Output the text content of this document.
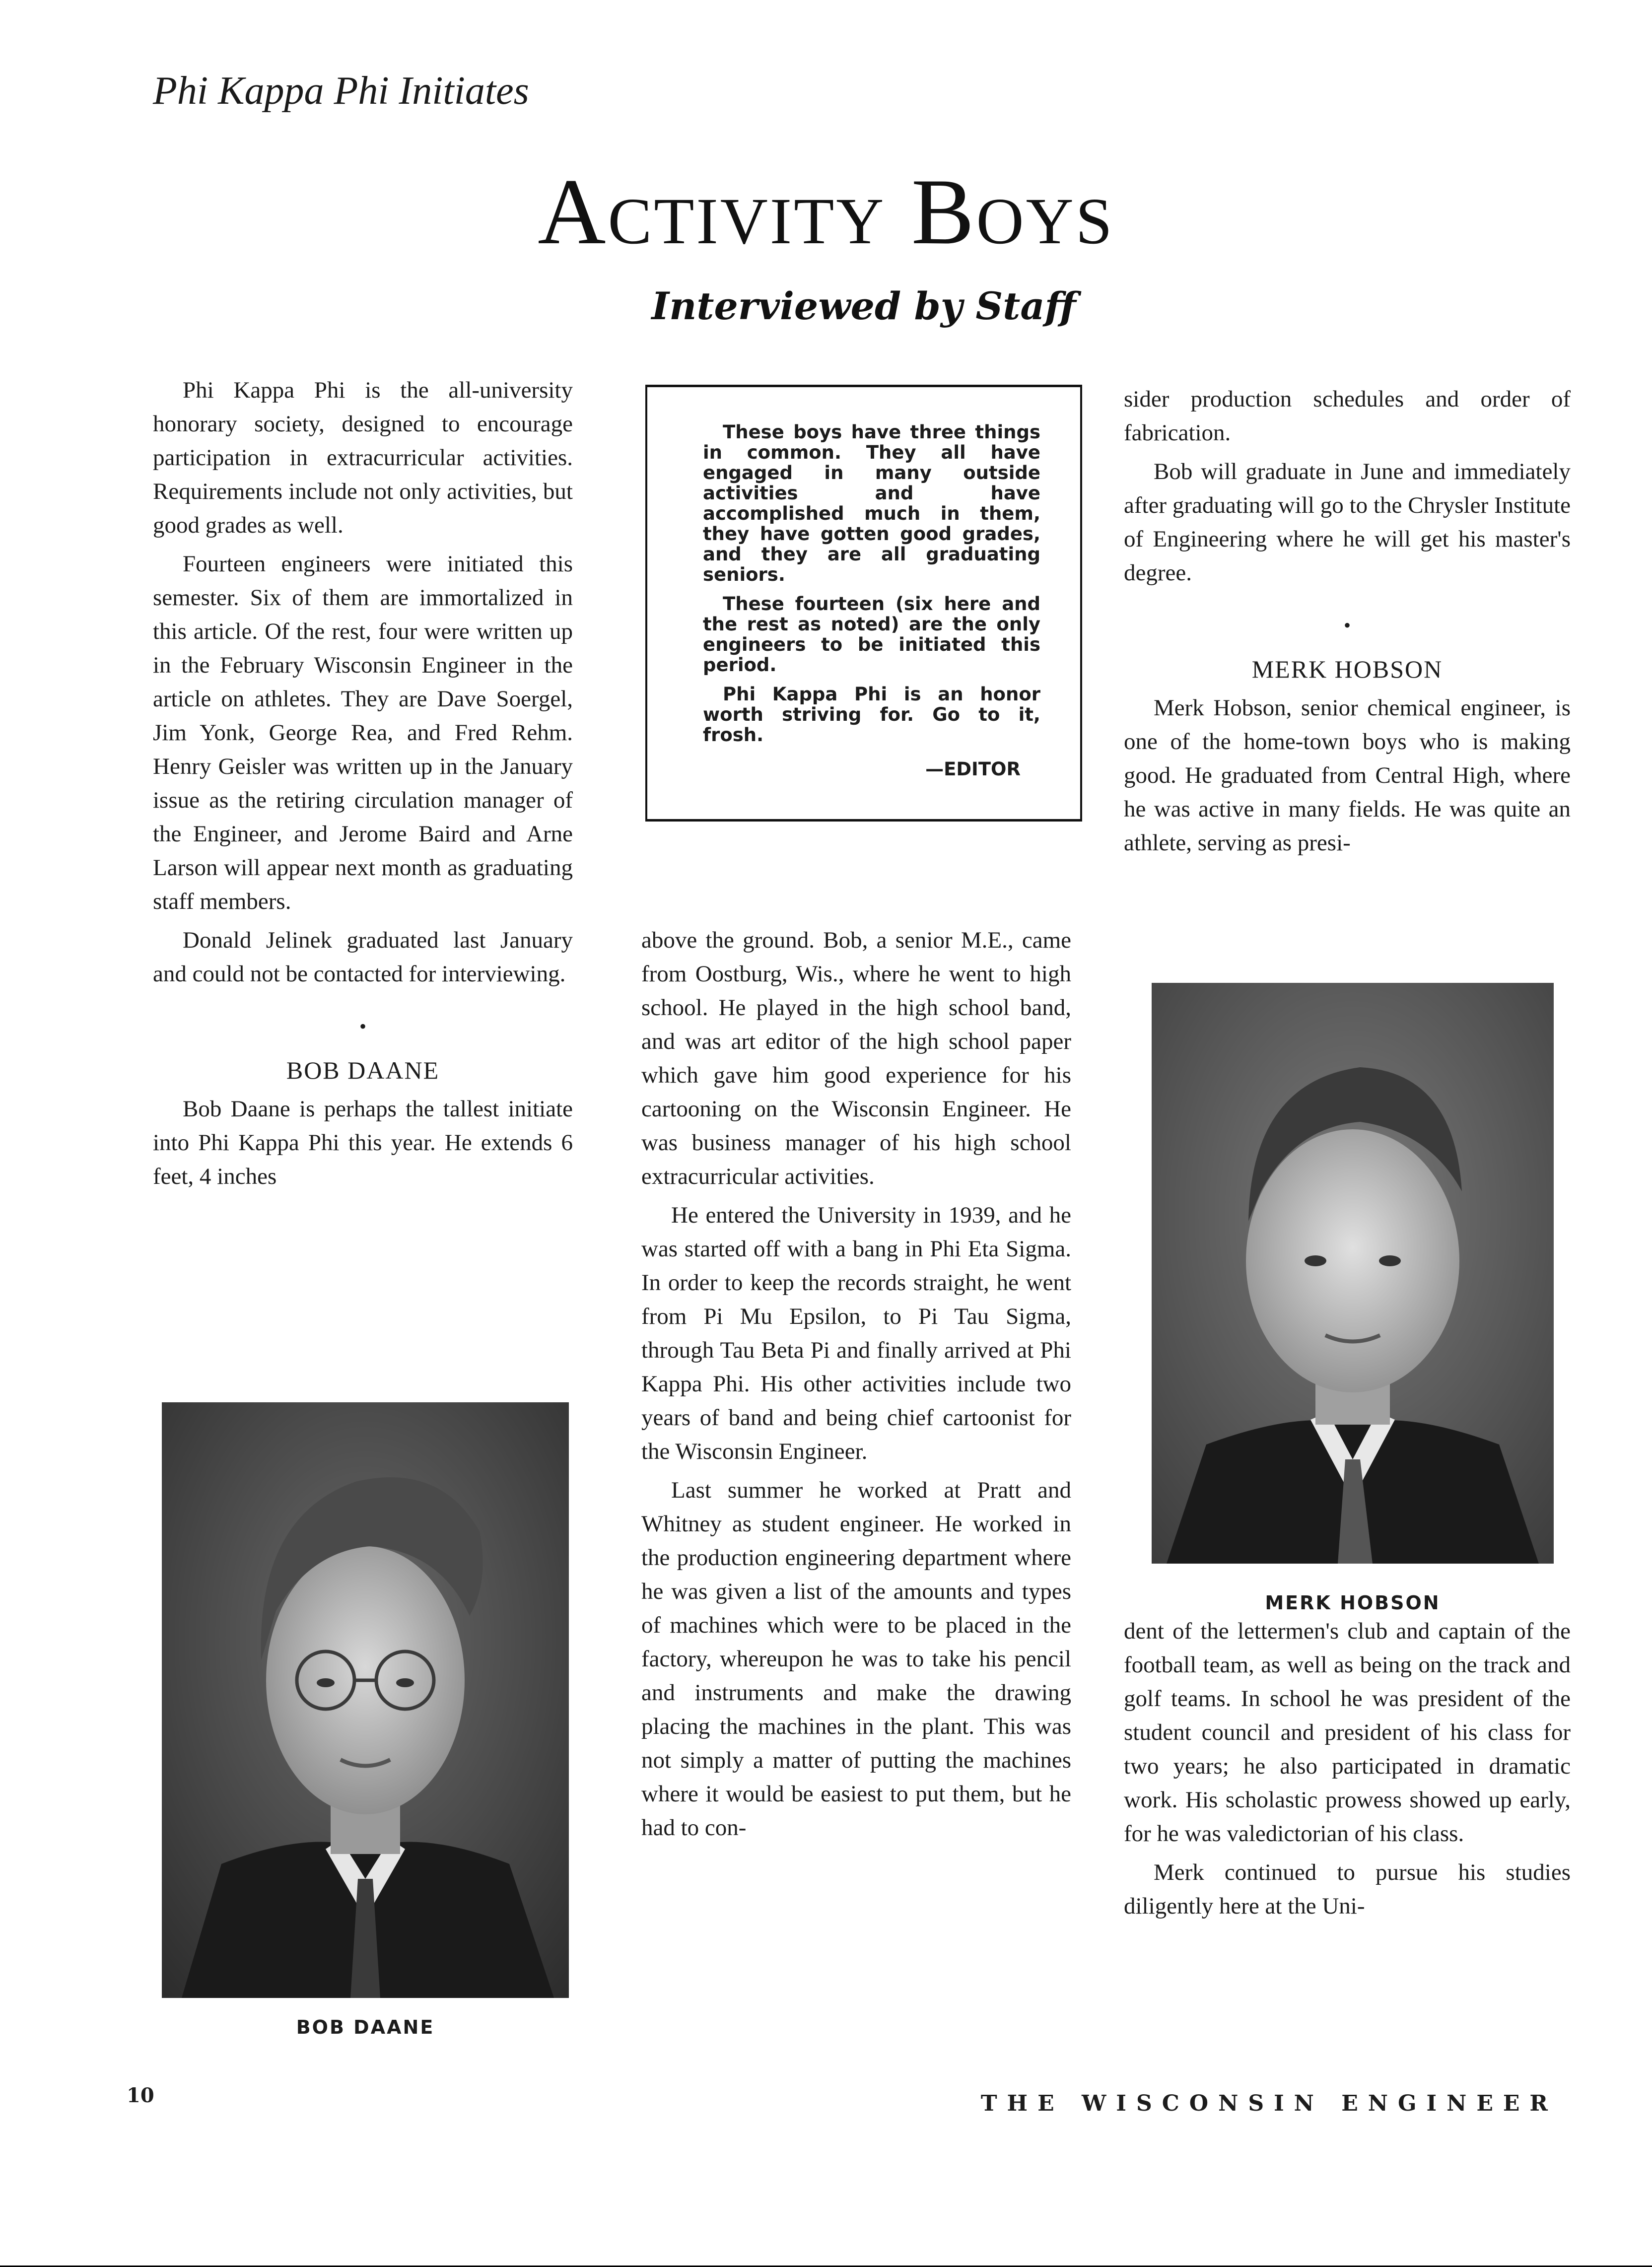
Phi Kappa Phi Initiates
Activity Boys
Interviewed by Staff

Phi Kappa Phi is the all-university honorary society, designed to encourage participation in extracurricular activities. Requirements include not only activities, but good grades as well.

Fourteen engineers were initiated this semester. Six of them are immortalized in this article. Of the rest, four were written up in the February Wisconsin Engineer in the article on athletes. They are Dave Soergel, Jim Yonk, George Rea, and Fred Rehm. Henry Geisler was written up in the January issue as the retiring circulation manager of the Engineer, and Jerome Baird and Arne Larson will appear next month as graduating staff members.

Donald Jelinek graduated last January and could not be contacted for interviewing.

•
BOB DAANE

Bob Daane is perhaps the tallest initiate into Phi Kappa Phi this year. He extends 6 feet, 4 inches

These boys have three things in common. They all have engaged in many outside activities and have accomplished much in them, they have gotten good grades, and they are all graduating seniors.

These fourteen (six here and the rest as noted) are the only engineers to be initiated this period.

Phi Kappa Phi is an honor worth striving for. Go to it, frosh.

—EDITOR

above the ground. Bob, a senior M.E., came from Oostburg, Wis., where he went to high school. He played in the high school band, and was art editor of the high school paper which gave him good experience for his cartooning on the Wisconsin Engineer. He was business manager of his high school extracurricular activities.

He entered the University in 1939, and he was started off with a bang in Phi Eta Sigma. In order to keep the records straight, he went from Pi Mu Epsilon, to Pi Tau Sigma, through Tau Beta Pi and finally arrived at Phi Kappa Phi. His other activities include two years of band and being chief cartoonist for the Wisconsin Engineer.

Last summer he worked at Pratt and Whitney as student engineer. He worked in the production engineering department where he was given a list of the amounts and types of machines which were to be placed in the factory, whereupon he was to take his pencil and instruments and make the drawing placing the machines in the plant. This was not simply a matter of putting the machines where it would be easiest to put them, but he had to con-

sider production schedules and order of fabrication.

Bob will graduate in June and immediately after graduating will go to the Chrysler Institute of Engineering where he will get his master's degree.

•
MERK HOBSON

Merk Hobson, senior chemical engineer, is one of the home-town boys who is making good. He graduated from Central High, where he was active in many fields. He was quite an athlete, serving as presi-

dent of the lettermen's club and captain of the football team, as well as being on the track and golf teams. In school he was president of the student council and president of his class for two years; he also participated in dramatic work. His scholastic prowess showed up early, for he was valedictorian of his class.

Merk continued to pursue his studies diligently here at the Uni-

BOB DAANE
MERK HOBSON
10	THE WISCONSIN ENGINEER
